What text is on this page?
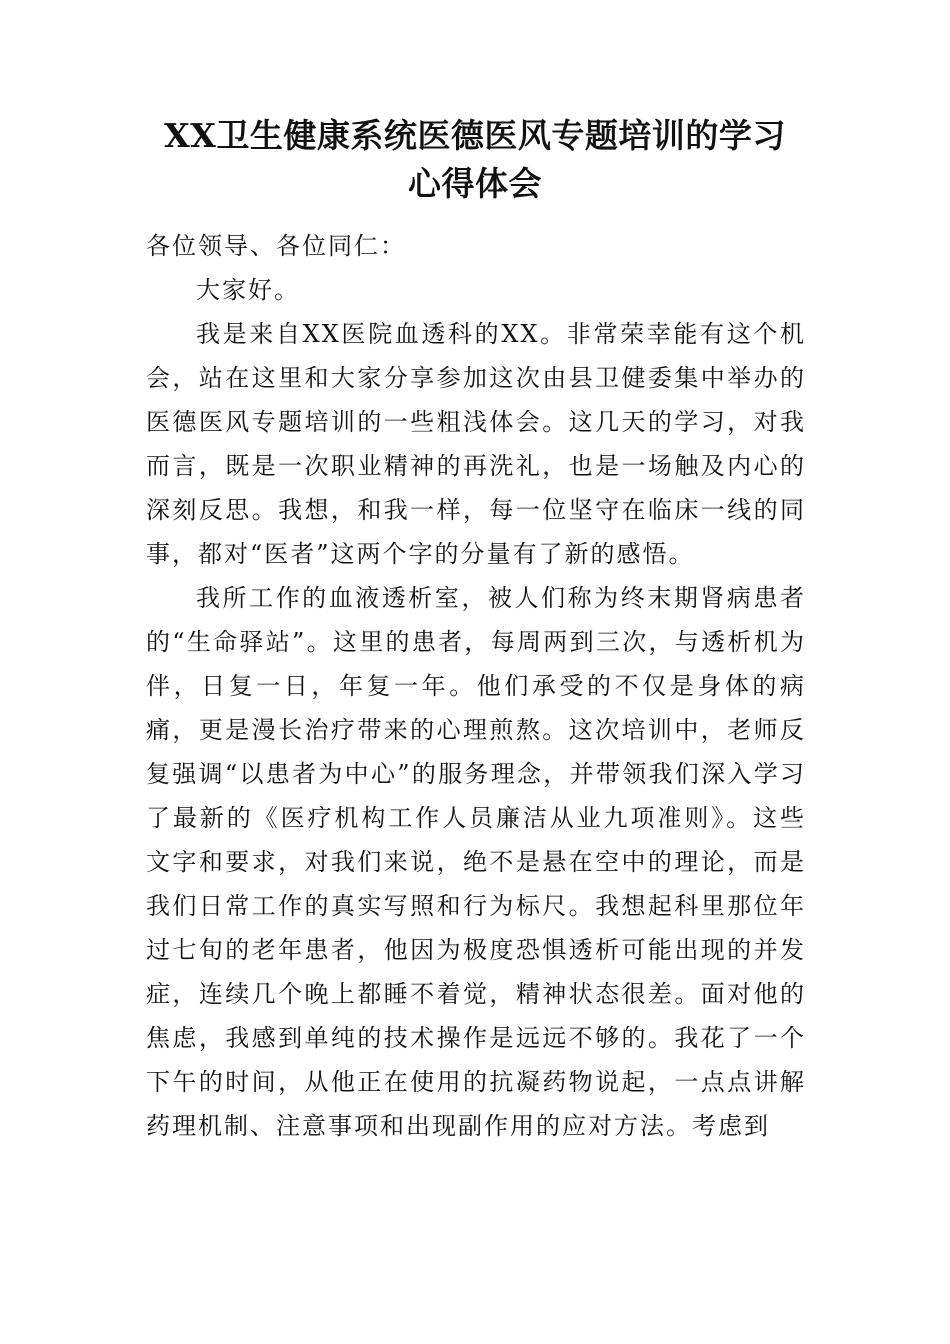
XX卫生健康系统医德医风专题培训的学习
心得体会

各位领导、各位同仁：

大家好。

我是来自XX医院血透科的XX。非常荣幸能有这个机会，站在这里和大家分享参加这次由县卫健委集中举办的医德医风专题培训的一些粗浅体会。这几天的学习，对我而言，既是一次职业精神的再洗礼，也是一场触及内心的深刻反思。我想，和我一样，每一位坚守在临床一线的同事，都对“医者”这两个字的分量有了新的感悟。

我所工作的血液透析室，被人们称为终末期肾病患者的“生命驿站”。这里的患者，每周两到三次，与透析机为伴，日复一日，年复一年。他们承受的不仅是身体的病痛，更是漫长治疗带来的心理煎熬。这次培训中，老师反复强调“以患者为中心”的服务理念，并带领我们深入学习了最新的《医疗机构工作人员廉洁从业九项准则》。这些文字和要求，对我们来说，绝不是悬在空中的理论，而是我们日常工作的真实写照和行为标尺。我想起科里那位年过七旬的老年患者，他因为极度恐惧透析可能出现的并发症，连续几个晚上都睡不着觉，精神状态很差。面对他的焦虑，我感到单纯的技术操作是远远不够的。我花了一个下午的时间，从他正在使用的抗凝药物说起，一点点讲解药理机制、注意事项和出现副作用的应对方法。考虑到
